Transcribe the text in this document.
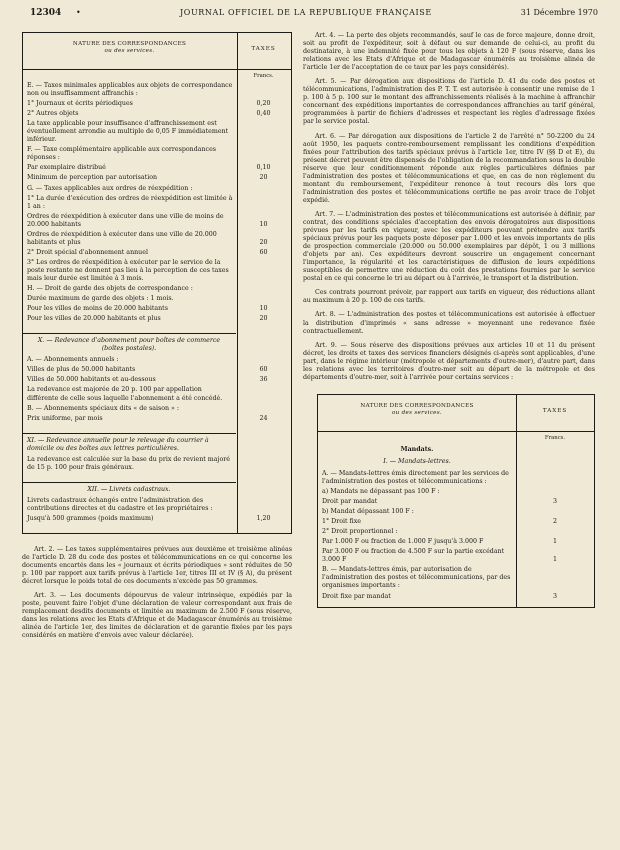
12304 •	JOURNAL OFFICIEL DE LA REPUBLIQUE FRANÇAISE	31 Décembre 1970
NATURE DES CORRESPONDANCES
ou des services.	TAXES
Francs.
E. — Taxes minimales applicables aux objets de correspondance non ou insuffisamment affranchis :
1° Journaux et écrits périodiques	0,20
2° Autres objets	0,40
La taxe applicable pour insuffisance d'affranchissement est éventuellement arrondie au multiple de 0,05 F immédiatement inférieur.
F. — Taxe complémentaire applicable aux correspondances réponses :
Par exemplaire distribué	0,10
Minimum de perception par autorisation	20
G. — Taxes applicables aux ordres de réexpédition :
1° La durée d'exécution des ordres de réexpédition est limitée à 1 an :
Ordres de réexpédition à exécuter dans une ville de moins de 20.000 habitants	10
Ordres de réexpédition à exécuter dans une ville de 20.000 habitants et plus	20
2° Droit spécial d'abonnement annuel	60
3° Les ordres de réexpédition à exécuter par le service de la poste restante ne donnent pas lieu à la perception de ces taxes mais leur durée est limitée à 3 mois.
H. — Droit de garde des objets de correspondance :
Durée maximum de garde des objets : 1 mois.
Pour les villes de moins de 20.000 habitants	10
Pour les villes de 20.000 habitants et plus	20
X. — Redevance d'abonnement pour boîtes de commerce (boîtes postales).
A. — Abonnements annuels :
Villes de plus de 50.000 habitants	60
Villes de 50.000 habitants et au-dessous	36
La redevance est majorée de 20 p. 100 par appellation différente de celle sous laquelle l'abonnement a été concédé.
B. — Abonnements spéciaux dits « de saison » :
Prix uniforme, par mois	24
XI. — Redevance annuelle pour le relevage du courrier à domicile ou des boîtes aux lettres particulières.
La redevance est calculée sur la base du prix de revient majoré de 15 p. 100 pour frais généraux.
XII. — Livrets cadastraux.
Livrets cadastraux échangés entre l'administration des contributions directes et du cadastre et les propriétaires :
Jusqu'à 500 grammes (poids maximum)	1,20

Art. 2. — Les taxes supplémentaires prévues aux deuxième et troisième alinéas de l'article D. 28 du code des postes et télécommunications en ce qui concerne les documents encartés dans les « journaux et écrits périodiques » sont réduites de 50 p. 100 par rapport aux tarifs prévus à l'article 1er, titres III et IV (§ A), du présent décret lorsque le poids total de ces documents n'excède pas 50 grammes.

Art. 3. — Les documents dépourvus de valeur intrinsèque, expédiés par la poste, peuvent faire l'objet d'une déclaration de valeur correspondant aux frais de remplacement desdits documents et limitée au maximum de 2.500 F (sous réserve, dans les relations avec les Etats d'Afrique et de Madagascar énumérés au troisième alinéa de l'article 1er, des limites de déclaration et de garantie fixées par les pays considérés en matière d'envois avec valeur déclarée).

Art. 4. — La perte des objets recommandés, sauf le cas de force majeure, donne droit, soit au profit de l'expéditeur, soit à défaut ou sur demande de celui-ci, au profit du destinataire, à une indemnité fixée pour tous les objets à 120 F (sous réserve, dans les relations avec les Etats d'Afrique et de Madagascar énumérés au troisième alinéa de l'article 1er de l'acceptation de ce taux par les pays considérés).

Art. 5. — Par dérogation aux dispositions de l'article D. 41 du code des postes et télécommunications, l'administration des P. T. T. est autorisée à consentir une remise de 1 p. 100 à 5 p. 100 sur le montant des affranchissements réalisés à la machine à affranchir concernant des expéditions importantes de correspondances affranchies au tarif général, programmées à partir de fichiers d'adresses et respectant les règles d'adressage fixées par le service postal.

Art. 6. — Par dérogation aux dispositions de l'article 2 de l'arrêté n° 50-2200 du 24 août 1950, les paquets contre-remboursement remplissant les conditions d'expédition fixées pour l'attribution des tarifs spéciaux prévus à l'article 1er, titre IV (§§ D et E), du présent décret peuvent être dispensés de l'obligation de la recommandation sous la double réserve que leur conditionnement réponde aux règles particulières définies par l'administration des postes et télécommunications et que, en cas de non règlement du montant du remboursement, l'expéditeur renonce à tout recours dès lors que l'administration des postes et télécommunications certifie ne pas avoir trace de l'objet expédié.

Art. 7. — L'administration des postes et télécommunications est autorisée à définir, par contrat, des conditions spéciales d'acceptation des envois dérogatoires aux dispositions prévues par les tarifs en vigueur, avec les expéditeurs pouvant prétendre aux tarifs spéciaux prévus pour les paquets poste déposer par 1.000 et les envois importants de plis de prospection commerciale (20.000 ou 50.000 exemplaires par dépôt, 1 ou 3 millions d'objets par an). Ces expéditeurs devront souscrire un engagement concernant l'importance, la régularité et les caractéristiques de diffusion de leurs expéditions susceptibles de permettre une réduction du coût des prestations fournies par le service postal en ce qui concerne le tri au départ ou à l'arrivée, le transport et la distribution.

Ces contrats pourront prévoir, par rapport aux tarifs en vigueur, des réductions allant au maximum à 20 p. 100 de ces tarifs.

Art. 8. — L'administration des postes et télécommunications est autorisée à effectuer la distribution d'imprimés « sans adresse » moyennant une redevance fixée contractuellement.

Art. 9. — Sous réserve des dispositions prévues aux articles 10 et 11 du présent décret, les droits et taxes des services financiers désignés ci-après sont applicables, d'une part, dans le régime intérieur (métropole et départements d'outre-mer), d'autre part, dans les relations avec les territoires d'outre-mer soit au départ de la métropole et des départements d'outre-mer, soit à l'arrivée pour certains services :

NATURE DES CORRESPONDANCES
ou des services.	TAXES
Francs.
Mandats.
I. — Mandats-lettres.
A. — Mandats-lettres émis directement par les services de l'administration des postes et télécommunications :
a) Mandats ne dépassant pas 100 F :
Droit par mandat	3
b) Mandat dépassant 100 F :
1° Droit fixe	2
2° Droit proportionnel :
Par 1.000 F ou fraction de 1.000 F jusqu'à 3.000 F	1
Par 3.000 F ou fraction de 4.500 F sur la partie excédant 3.000 F	1
B. — Mandats-lettres émis, par autorisation de l'administration des postes et télécommunications, par des organismes importants :
Droit fixe par mandat	3
